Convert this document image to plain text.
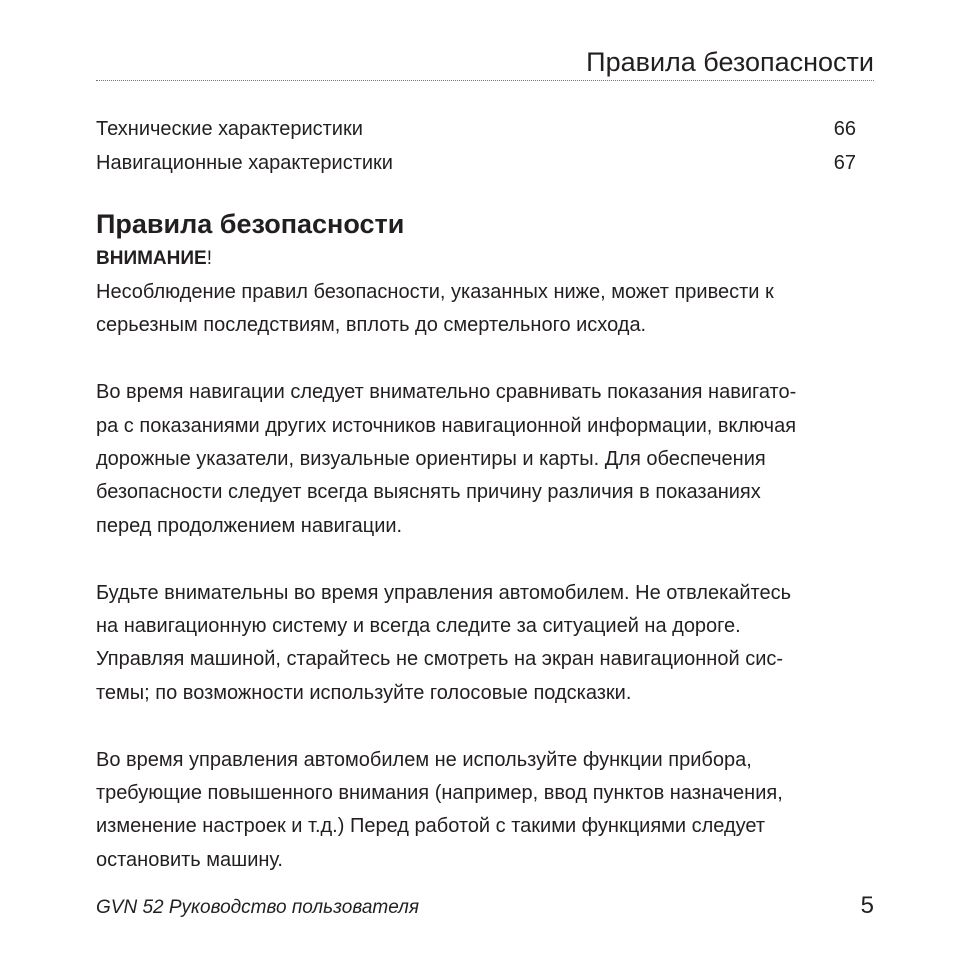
Правила безопасности
Технические характеристики	66
Навигационные характеристики	67
Правила безопасности

ВНИМАНИЕ!

Несоблюдение правил безопасности, указанных ниже, может привести к
серьезным последствиям, вплоть до смертельного исхода.

Во время навигации следует внимательно сравнивать показания навигато-
ра с показаниями других источников навигационной информации, включая
дорожные указатели, визуальные ориентиры и карты. Для обеспечения
безопасности следует всегда выяснять причину различия в показаниях
перед продолжением навигации.

Будьте внимательны во время управления автомобилем. Не отвлекайтесь
на навигационную систему и всегда следите за ситуацией на дороге.
Управляя машиной, старайтесь не смотреть на экран навигационной сис-
темы; по возможности используйте голосовые подсказки.

Во время управления автомобилем не используйте функции прибора,
требующие повышенного внимания (например, ввод пунктов назначения,
изменение настроек и т.д.) Перед работой с такими функциями следует
остановить машину.

GVN 52 Руководство пользователя	5
